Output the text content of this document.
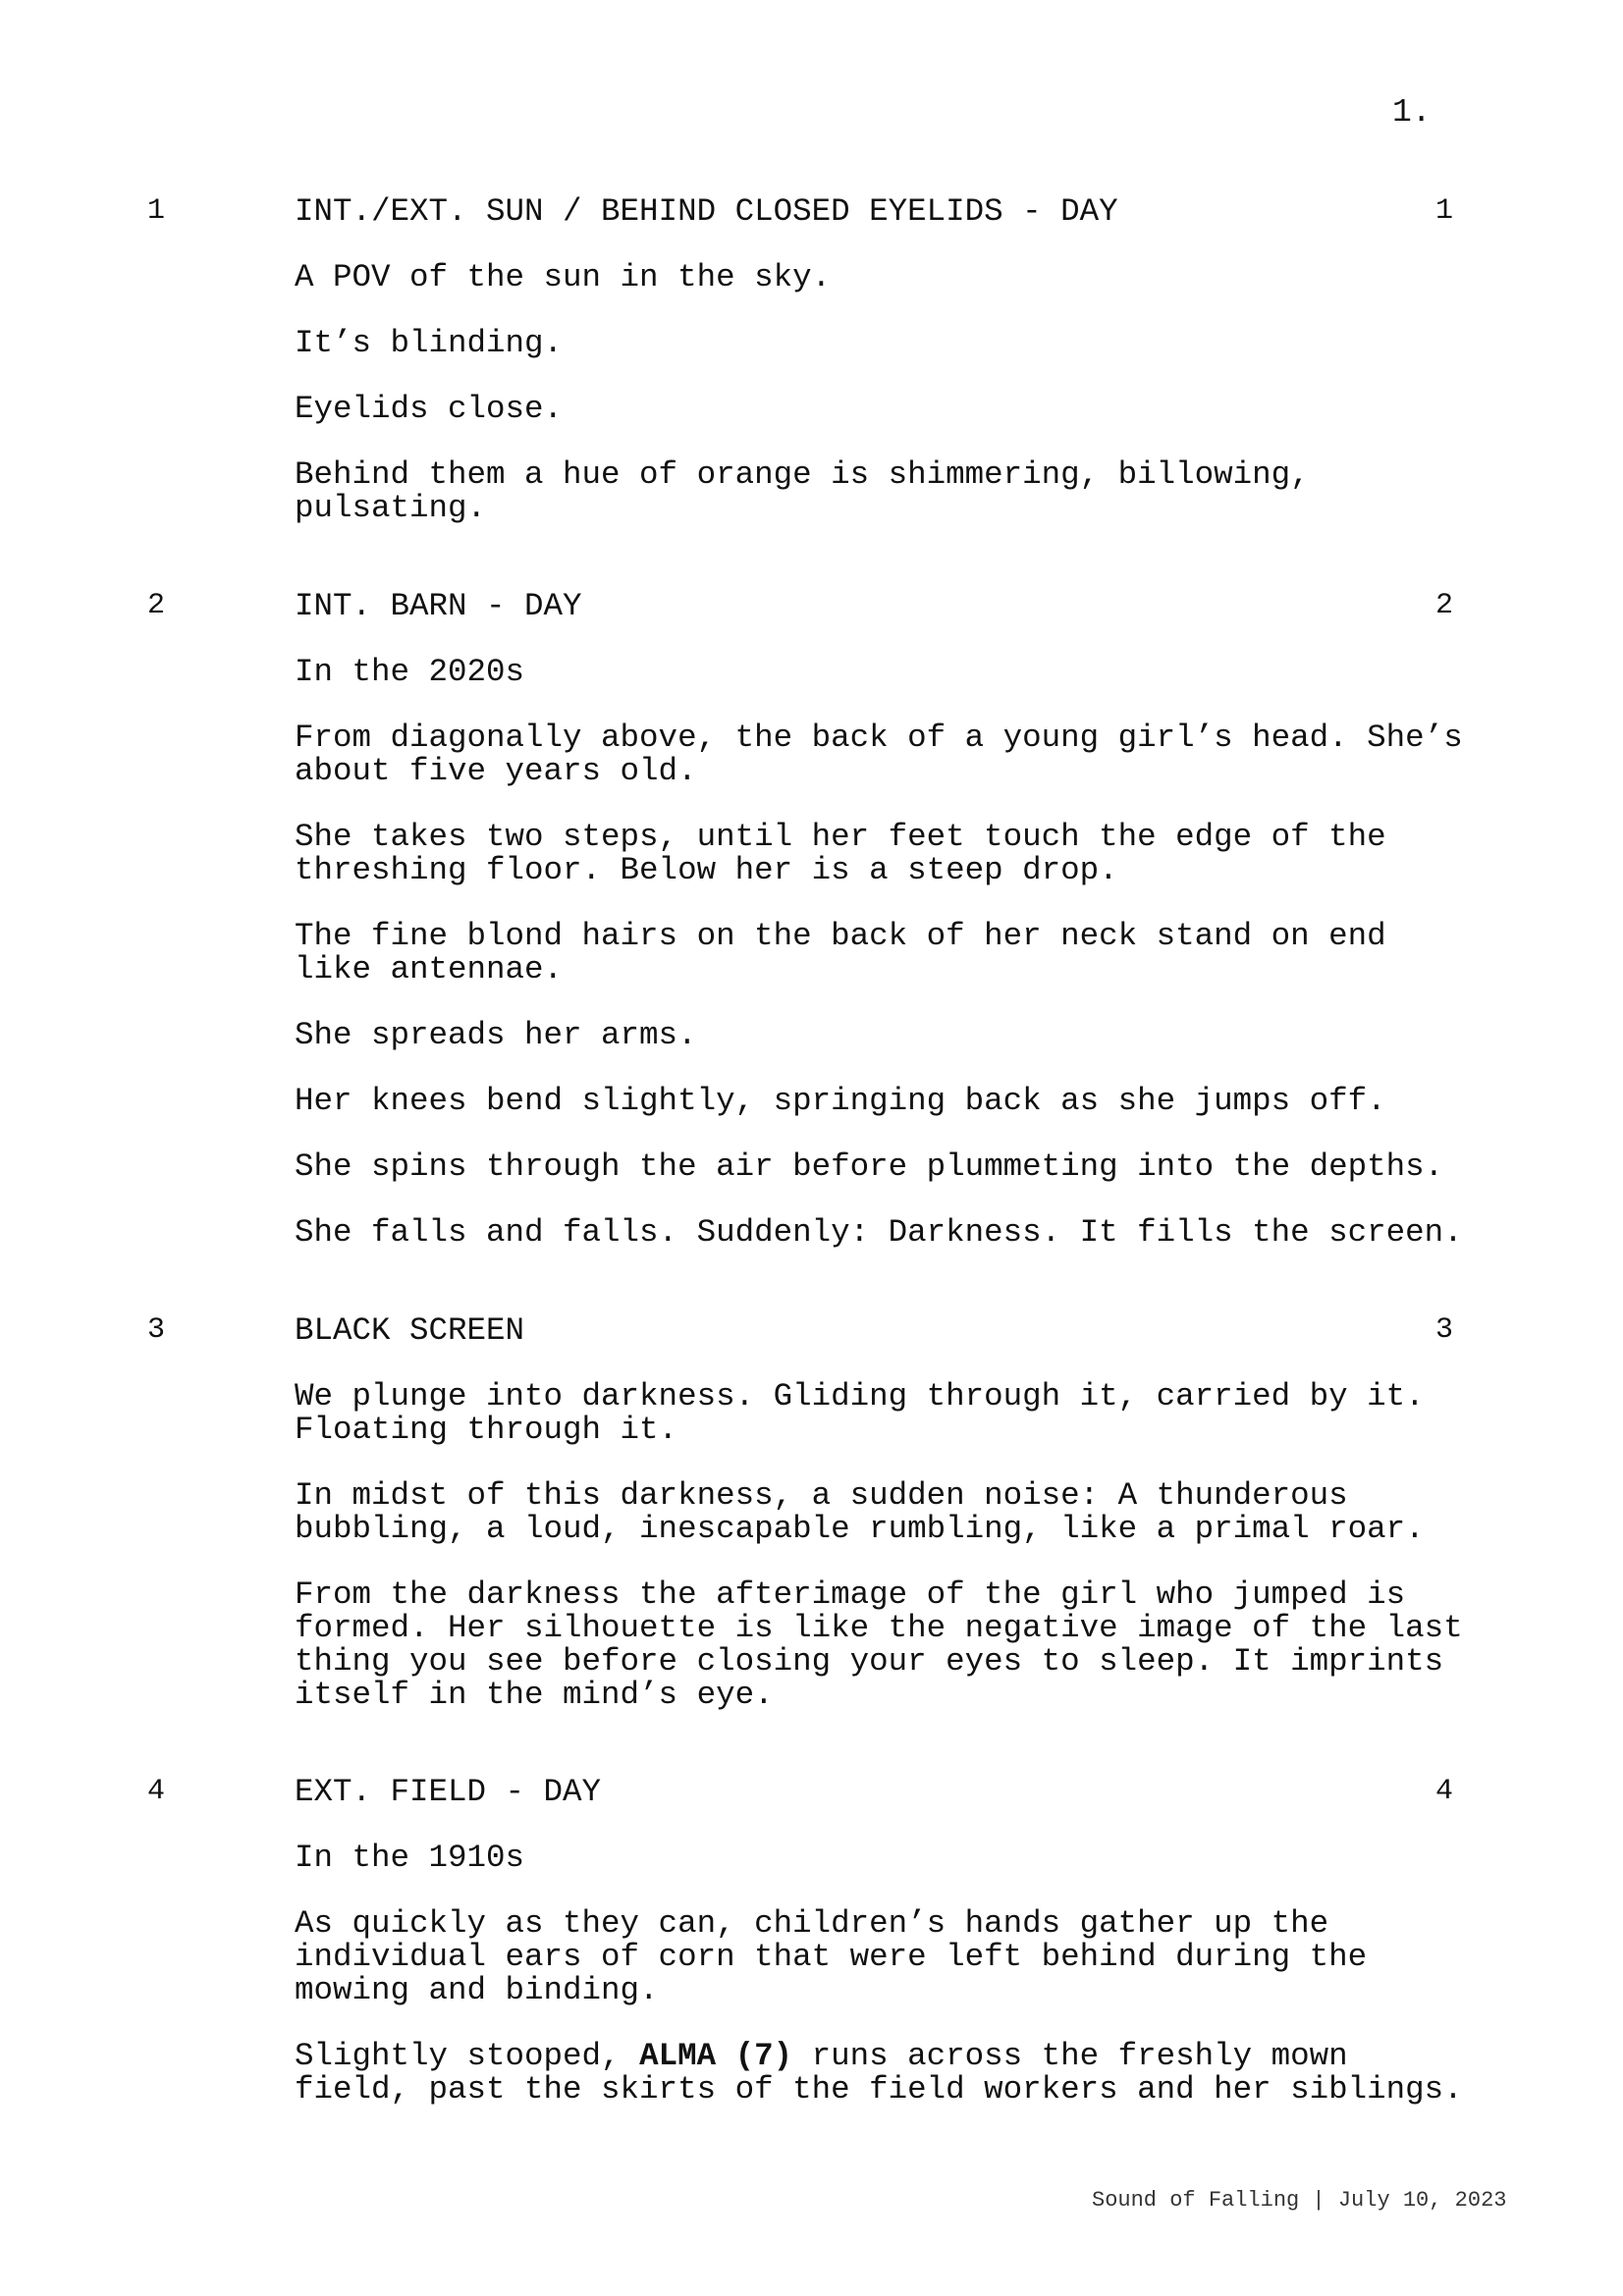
1.
1	INT./EXT. SUN / BEHIND CLOSED EYELIDS - DAY	1
A POV of the sun in the sky.
It’s blinding.
Eyelids close.
Behind them a hue of orange is shimmering, billowing,
pulsating.
2	INT. BARN - DAY	2
In the 2020s
From diagonally above, the back of a young girl’s head. She’s
about five years old.
She takes two steps, until her feet touch the edge of the
threshing floor. Below her is a steep drop.
The fine blond hairs on the back of her neck stand on end
like antennae.
She spreads her arms.
Her knees bend slightly, springing back as she jumps off.
She spins through the air before plummeting into the depths.
She falls and falls. Suddenly: Darkness. It fills the screen.
3	BLACK SCREEN	3
We plunge into darkness. Gliding through it, carried by it.
Floating through it.
In midst of this darkness, a sudden noise: A thunderous
bubbling, a loud, inescapable rumbling, like a primal roar.
From the darkness the afterimage of the girl who jumped is
formed. Her silhouette is like the negative image of the last
thing you see before closing your eyes to sleep. It imprints
itself in the mind’s eye.
4	EXT. FIELD - DAY	4
In the 1910s
As quickly as they can, children’s hands gather up the
individual ears of corn that were left behind during the
mowing and binding.
Slightly stooped, ALMA (7) runs across the freshly mown
field, past the skirts of the field workers and her siblings.
Sound of Falling | July 10, 2023
